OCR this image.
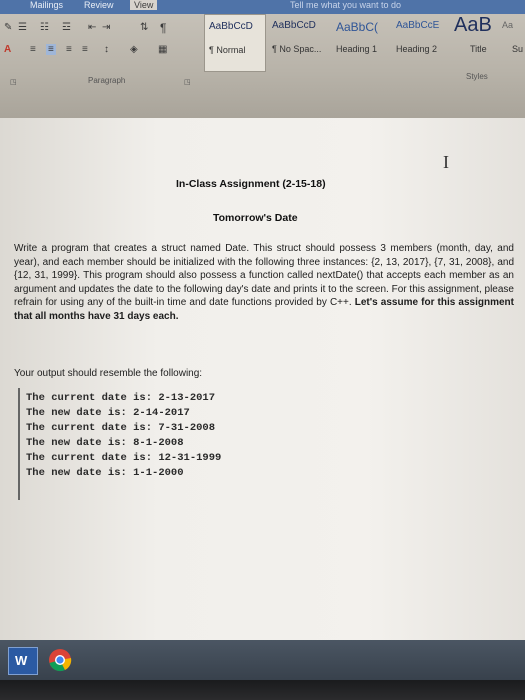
Mailings Review	View	Tell me what you want to do
✎ ☰ ☷ ☲ ⇤ ⇥	⇅ ¶
A ≡ ≡ ≡ ≡ ↕ ◈ ▦
Paragraph
◳	◳
AaBbCcD
¶ Normal
AaBbCcD
¶ No Spac...
AaBbC(
Heading 1
AaBbCcE
Heading 2
AaB
Title
Aa
Su
Styles
I
In-Class Assignment (2-15-18)
Tomorrow's Date
Write a program that creates a struct named Date. This struct should possess 3 members (month, day, and year), and each member should be initialized with the following three instances: {2, 13, 2017}, {7, 31, 2008}, and {12, 31, 1999}. This program should also possess a function called nextDate() that accepts each member as an argument and updates the date to the following day's date and prints it to the screen. For this assignment, please refrain for using any of the built-in time and date functions provided by C++. Let's assume for this assignment that all months have 31 days each.
Your output should resemble the following:
The current date is: 2-13-2017
The new date is: 2-14-2017
The current date is: 7-31-2008
The new date is: 8-1-2008
The current date is: 12-31-1999
The new date is: 1-1-2000
W
